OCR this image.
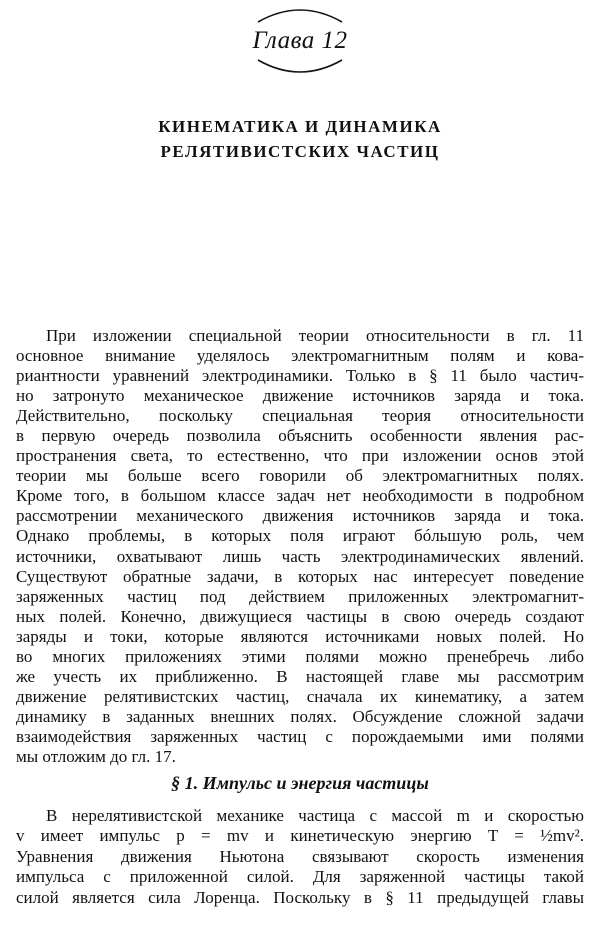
Глава 12
КИНЕМАТИКА И ДИНАМИКА
РЕЛЯТИВИСТСКИХ ЧАСТИЦ
При изложении специальной теории относительности в гл. 11
основное внимание уделялось электромагнитным полям и кова-
риантности уравнений электродинамики. Только в § 11 было частич-
но затронуто механическое движение источников заряда и тока.
Действительно, поскольку специальная теория относительности
в первую очередь позволила объяснить особенности явления рас-
пространения света, то естественно, что при изложении основ этой
теории мы больше всего говорили об электромагнитных полях.
Кроме того, в большом классе задач нет необходимости в подробном
рассмотрении механического движения источников заряда и тока.
Однако проблемы, в которых поля играют бóльшую роль, чем
источники, охватывают лишь часть электродинамических явлений.
Существуют обратные задачи, в которых нас интересует поведение
заряженных частиц под действием приложенных электромагнит-
ных полей. Конечно, движущиеся частицы в свою очередь создают
заряды и токи, которые являются источниками новых полей. Но
во многих приложениях этими полями можно пренебречь либо
же учесть их приближенно. В настоящей главе мы рассмотрим
движение релятивистских частиц, сначала их кинематику, а затем
динамику в заданных внешних полях. Обсуждение сложной задачи
взаимодействия заряженных частиц с порождаемыми ими полями
мы отложим до гл. 17.
§ 1. Импульс и энергия частицы
В нерелятивистской механике частица с массой m и скоростью
v имеет импульс p = mv и кинетическую энергию T = ½mv².
Уравнения движения Ньютона связывают скорость изменения
импульса с приложенной силой. Для заряженной частицы такой
силой является сила Лоренца. Поскольку в § 11 предыдущей главы
